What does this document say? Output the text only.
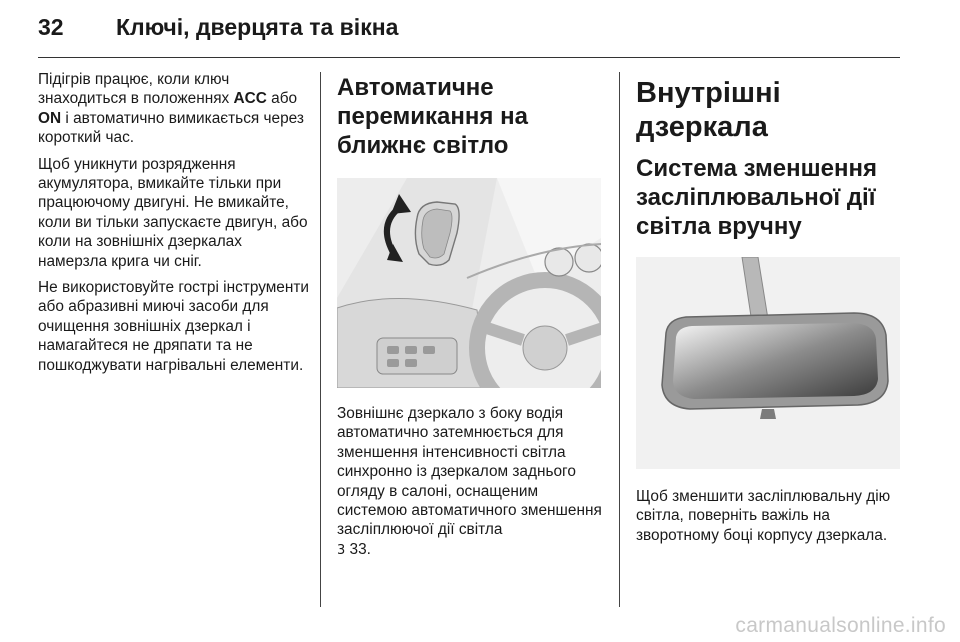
32	Ключі, дверцята та вікна

Підігрів працює, коли ключ знаходиться в положеннях ACC або ON і автоматично вимикається через короткий час.

Щоб уникнути розрядження акумулятора, вмикайте тільки при працюючому двигуні. Не вмикайте, коли ви тільки запускаєте двигун, або коли на зовнішніх дзеркалах намерзла крига чи сніг.

Не використовуйте гострі інструменти або абразивні миючі засоби для очищення зовнішніх дзеркал і намагайтеся не дряпати та не пошкоджувати нагрівальні елементи.

Автоматичне перемикання на ближнє світло

Зовнішнє дзеркало з боку водія автоматично затемнюється для зменшення інтенсивності світла синхронно із дзеркалом заднього огляду в салоні, оснащеним системою автоматичного зменшення засліплюючої дії світла
3 33.

Внутрішні дзеркала
Система зменшення засліплювальної дії світла вручну

Щоб зменшити засліплювальну дію світла, поверніть важіль на зворотному боці корпусу дзеркала.

carmanualsonline.info
